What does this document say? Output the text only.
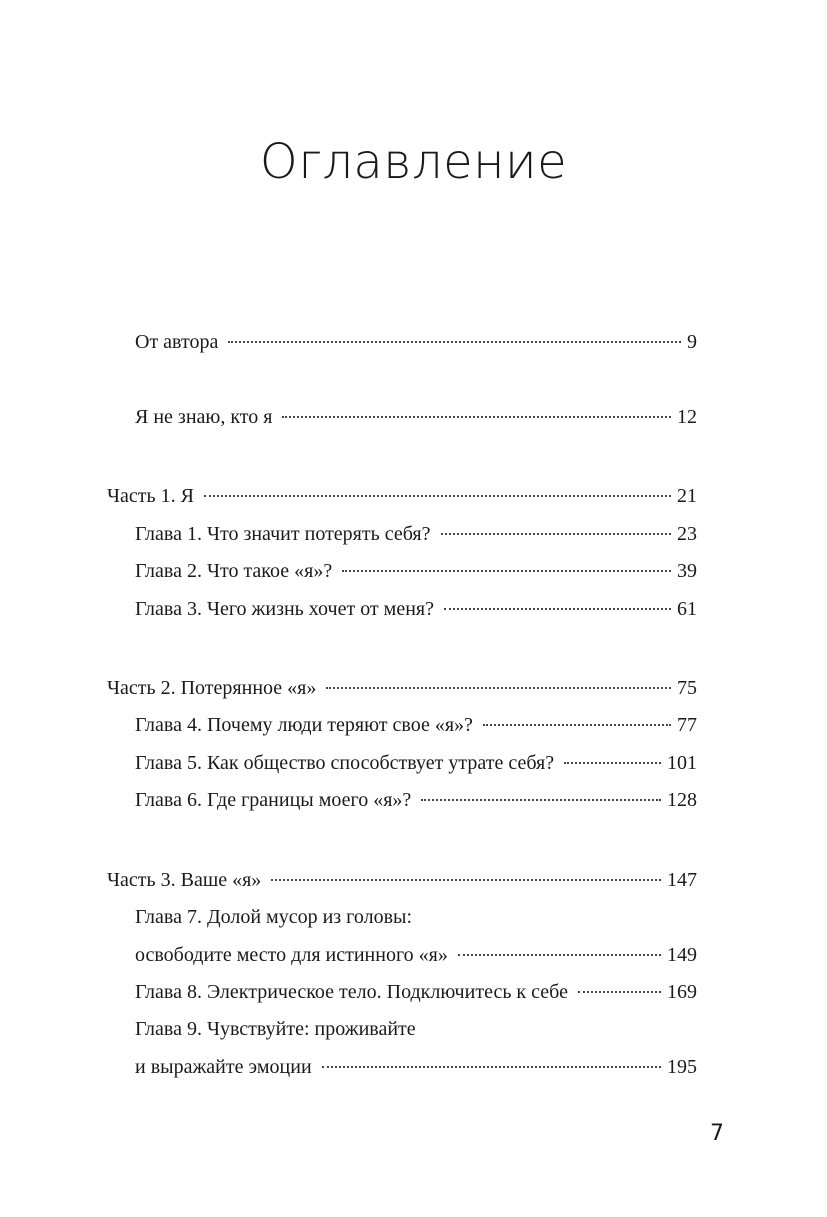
Оглавление
От автора	9
Я не знаю, кто я	12
Часть 1. Я	21
Глава 1. Что значит потерять себя?	23
Глава 2. Что такое «я»?	39
Глава 3. Чего жизнь хочет от меня?	61
Часть 2. Потерянное «я»	75
Глава 4. Почему люди теряют свое «я»?	77
Глава 5. Как общество способствует утрате себя?	101
Глава 6. Где границы моего «я»?	128
Часть 3. Ваше «я»	147
Глава 7. Долой мусор из головы:
освободите место для истинного «я»	149
Глава 8. Электрическое тело. Подключитесь к себе	169
Глава 9. Чувствуйте: проживайте
и выражайте эмоции	195
7
